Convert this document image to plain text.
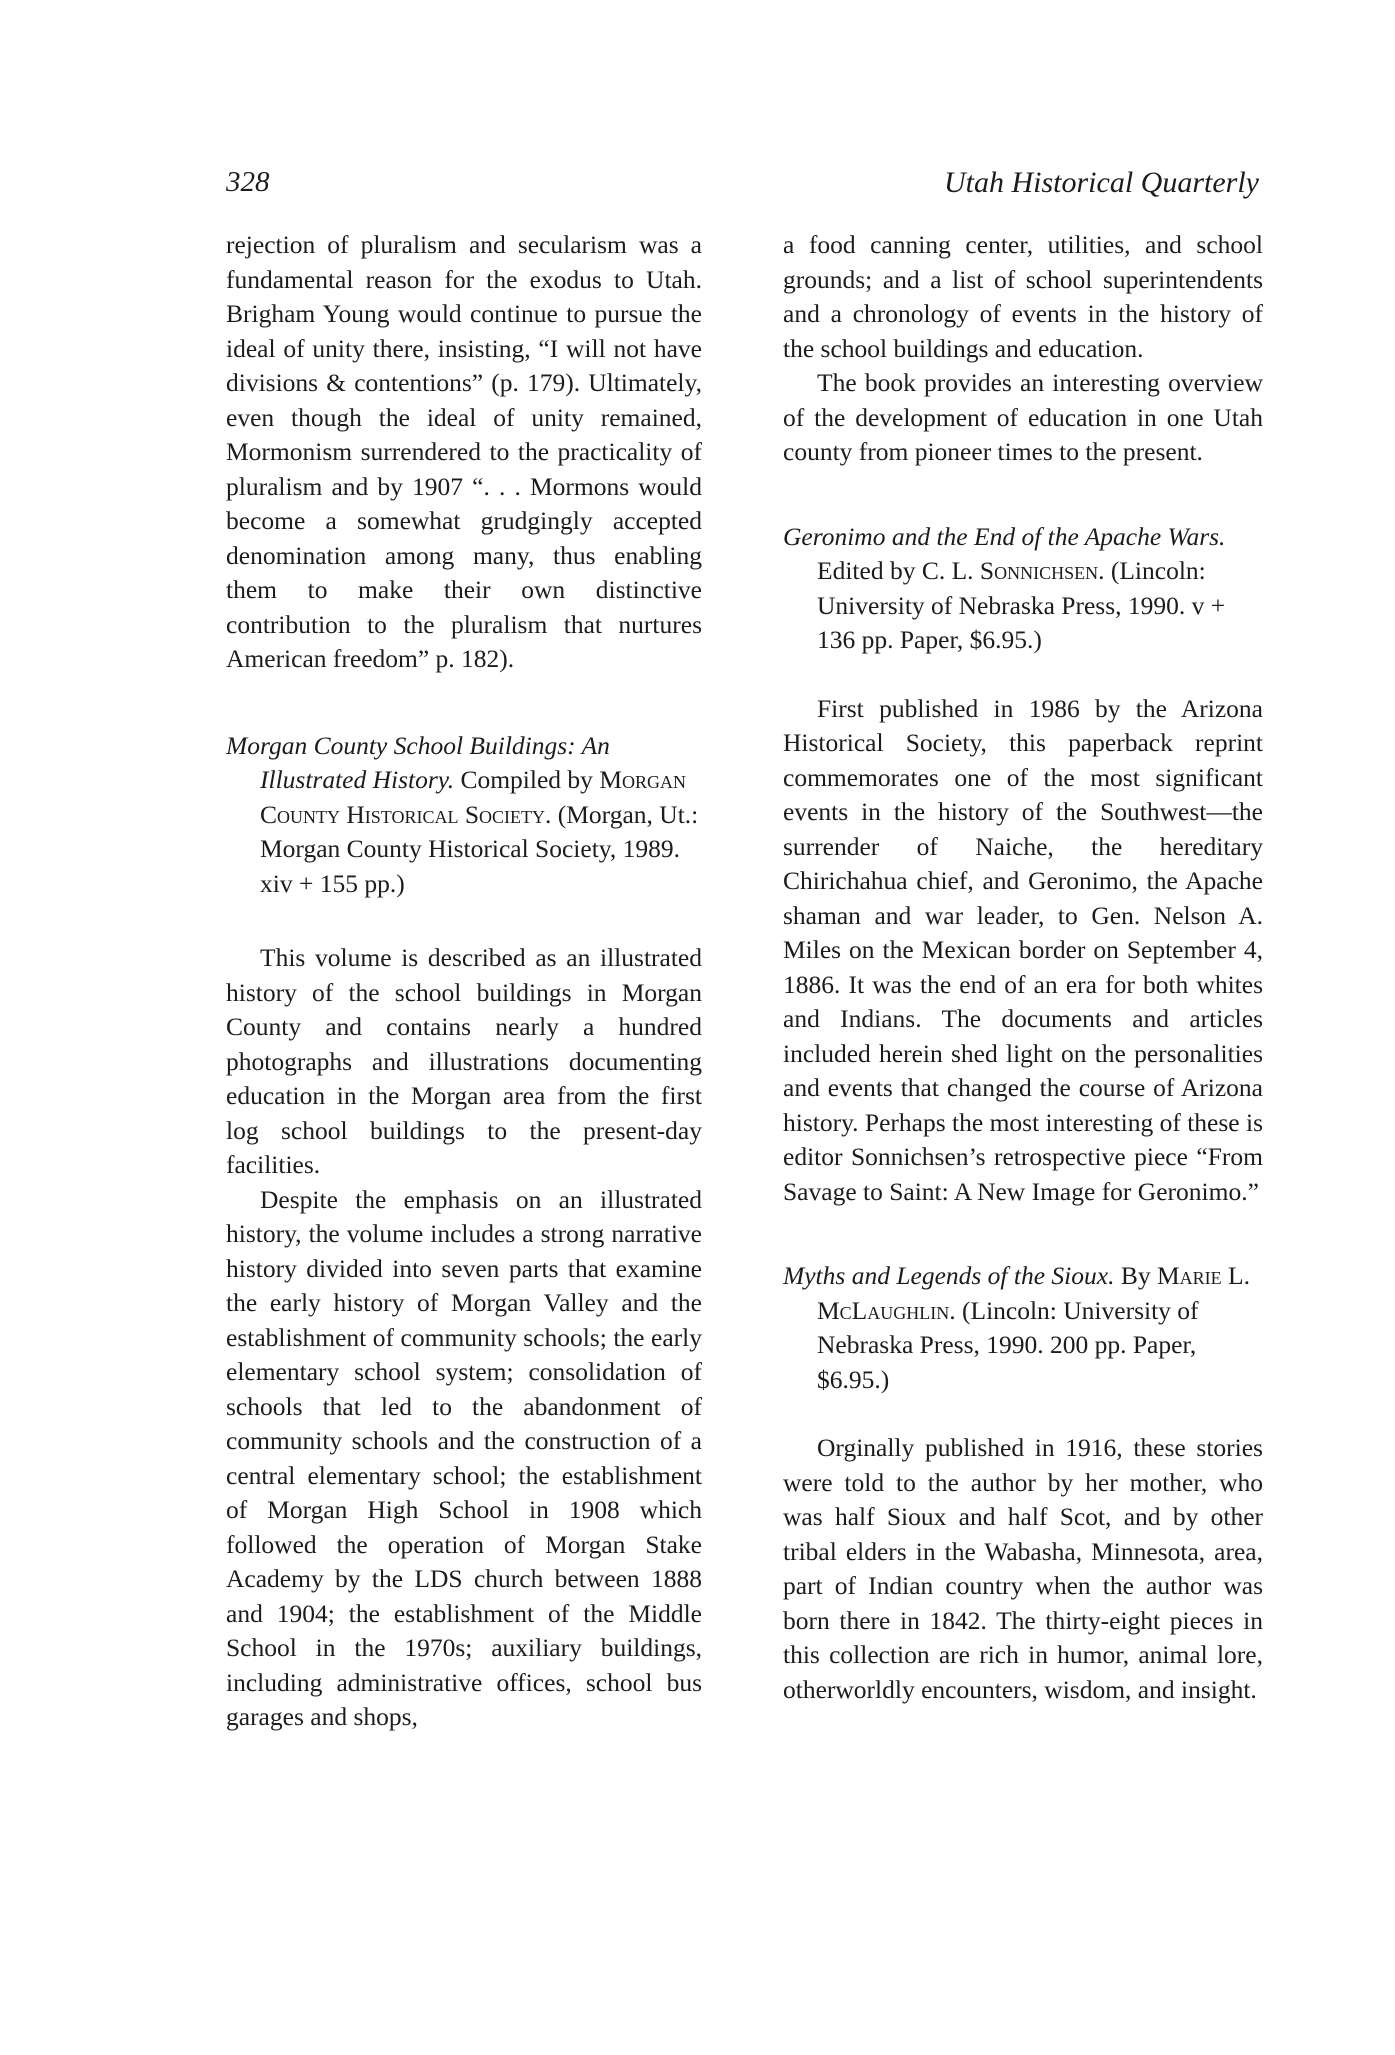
328	Utah Historical Quarterly

rejection of pluralism and secularism was a fundamental reason for the exodus to Utah. Brigham Young would continue to pursue the ideal of unity there, insisting, “I will not have divisions & contentions” (p. 179). Ultimately, even though the ideal of unity remained, Mormonism surrendered to the practicality of pluralism and by 1907 “. . . Mormons would become a somewhat grudgingly accepted denomination among many, thus enabling them to make their own distinctive contribution to the pluralism that nurtures American freedom” p. 182).

Morgan County School Buildings: An Illustrated History. Compiled by Morgan County Historical Society. (Morgan, Ut.: Morgan County Historical Society, 1989. xiv + 155 pp.)

This volume is described as an illustrated history of the school buildings in Morgan County and contains nearly a hundred photographs and illustrations documenting education in the Morgan area from the first log school buildings to the present-day facilities.

Despite the emphasis on an illustrated history, the volume includes a strong narrative history divided into seven parts that examine the early history of Morgan Valley and the establishment of community schools; the early elementary school system; consolidation of schools that led to the abandonment of community schools and the construction of a central elementary school; the establishment of Morgan High School in 1908 which followed the operation of Morgan Stake Academy by the LDS church between 1888 and 1904; the establishment of the Middle School in the 1970s; auxiliary buildings, including administrative offices, school bus garages and shops,

a food canning center, utilities, and school grounds; and a list of school superintendents and a chronology of events in the history of the school buildings and education.

The book provides an interesting overview of the development of education in one Utah county from pioneer times to the present.

Geronimo and the End of the Apache Wars. Edited by C. L. Sonnichsen. (Lincoln: University of Nebraska Press, 1990. v + 136 pp. Paper, $6.95.)

First published in 1986 by the Arizona Historical Society, this paperback reprint commemorates one of the most significant events in the history of the Southwest—the surrender of Naiche, the hereditary Chirichahua chief, and Geronimo, the Apache shaman and war leader, to Gen. Nelson A. Miles on the Mexican border on September 4, 1886. It was the end of an era for both whites and Indians. The documents and articles included herein shed light on the personalities and events that changed the course of Arizona history. Perhaps the most interesting of these is editor Sonnichsen’s retrospective piece “From Savage to Saint: A New Image for Geronimo.”

Myths and Legends of the Sioux. By Marie L. McLaughlin. (Lincoln: University of Nebraska Press, 1990. 200 pp. Paper, $6.95.)

Orginally published in 1916, these stories were told to the author by her mother, who was half Sioux and half Scot, and by other tribal elders in the Wabasha, Minnesota, area, part of Indian country when the author was born there in 1842. The thirty-eight pieces in this collection are rich in humor, animal lore, otherworldly encounters, wisdom, and insight.
